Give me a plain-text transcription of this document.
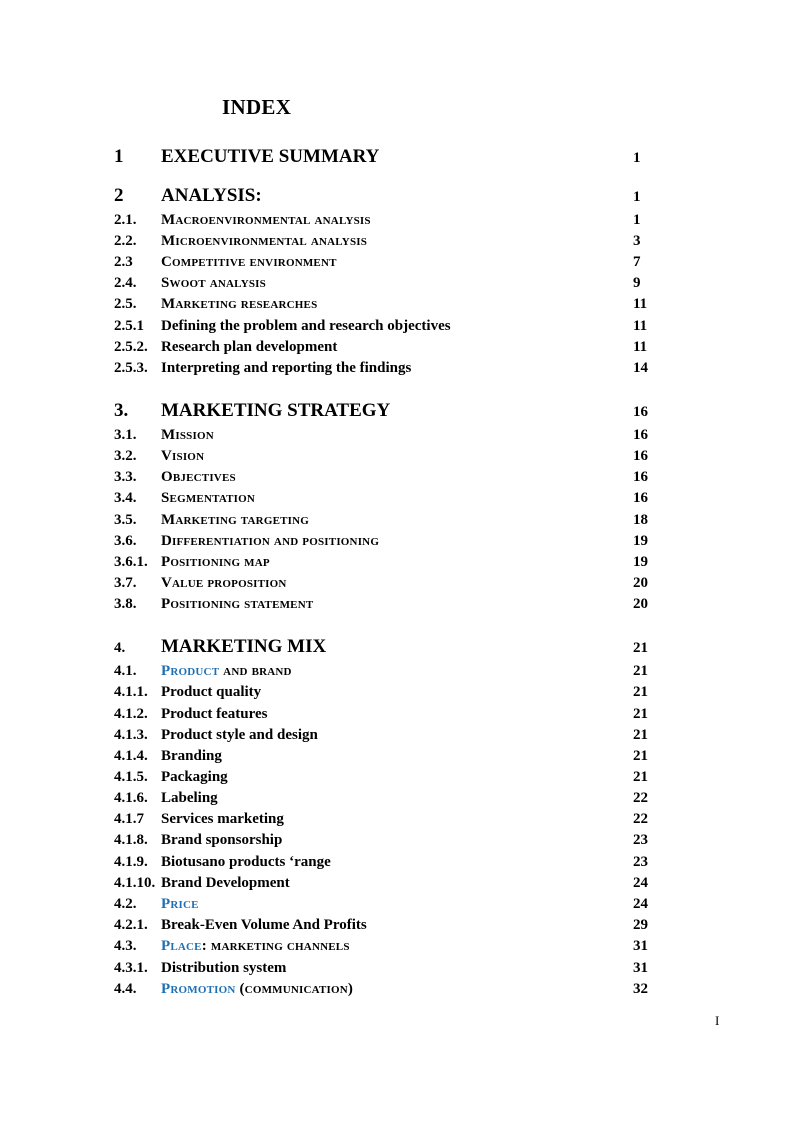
INDEX
1 EXECUTIVE SUMMARY	1
2 ANALYSIS:	1
2.1. Macroenvironmental analysis	1
2.2. Microenvironmental analysis	3
2.3 Competitive environment	7
2.4. Swoot analysis	9
2.5. Marketing researches	11
2.5.1 Defining the problem and research objectives	11
2.5.2. Research plan development	11
2.5.3. Interpreting and reporting the findings	14
3. MARKETING STRATEGY	16
3.1. Mission	16
3.2. Vision	16
3.3. Objectives	16
3.4. Segmentation	16
3.5. Marketing targeting	18
3.6. Differentiation and positioning	19
3.6.1. Positioning map	19
3.7. Value proposition	20
3.8. Positioning statement	20
4. MARKETING MIX	21
4.1. Product and brand	21
4.1.1. Product quality	21
4.1.2. Product features	21
4.1.3. Product style and design	21
4.1.4. Branding	21
4.1.5. Packaging	21
4.1.6. Labeling	22
4.1.7 Services marketing	22
4.1.8. Brand sponsorship	23
4.1.9. Biotusano products ‘range	23
4.1.10. Brand Development	24
4.2. Price	24
4.2.1. Break-Even Volume And Profits	29
4.3. Place: marketing channels	31
4.3.1. Distribution system	31
4.4. Promotion (communication)	32
I
